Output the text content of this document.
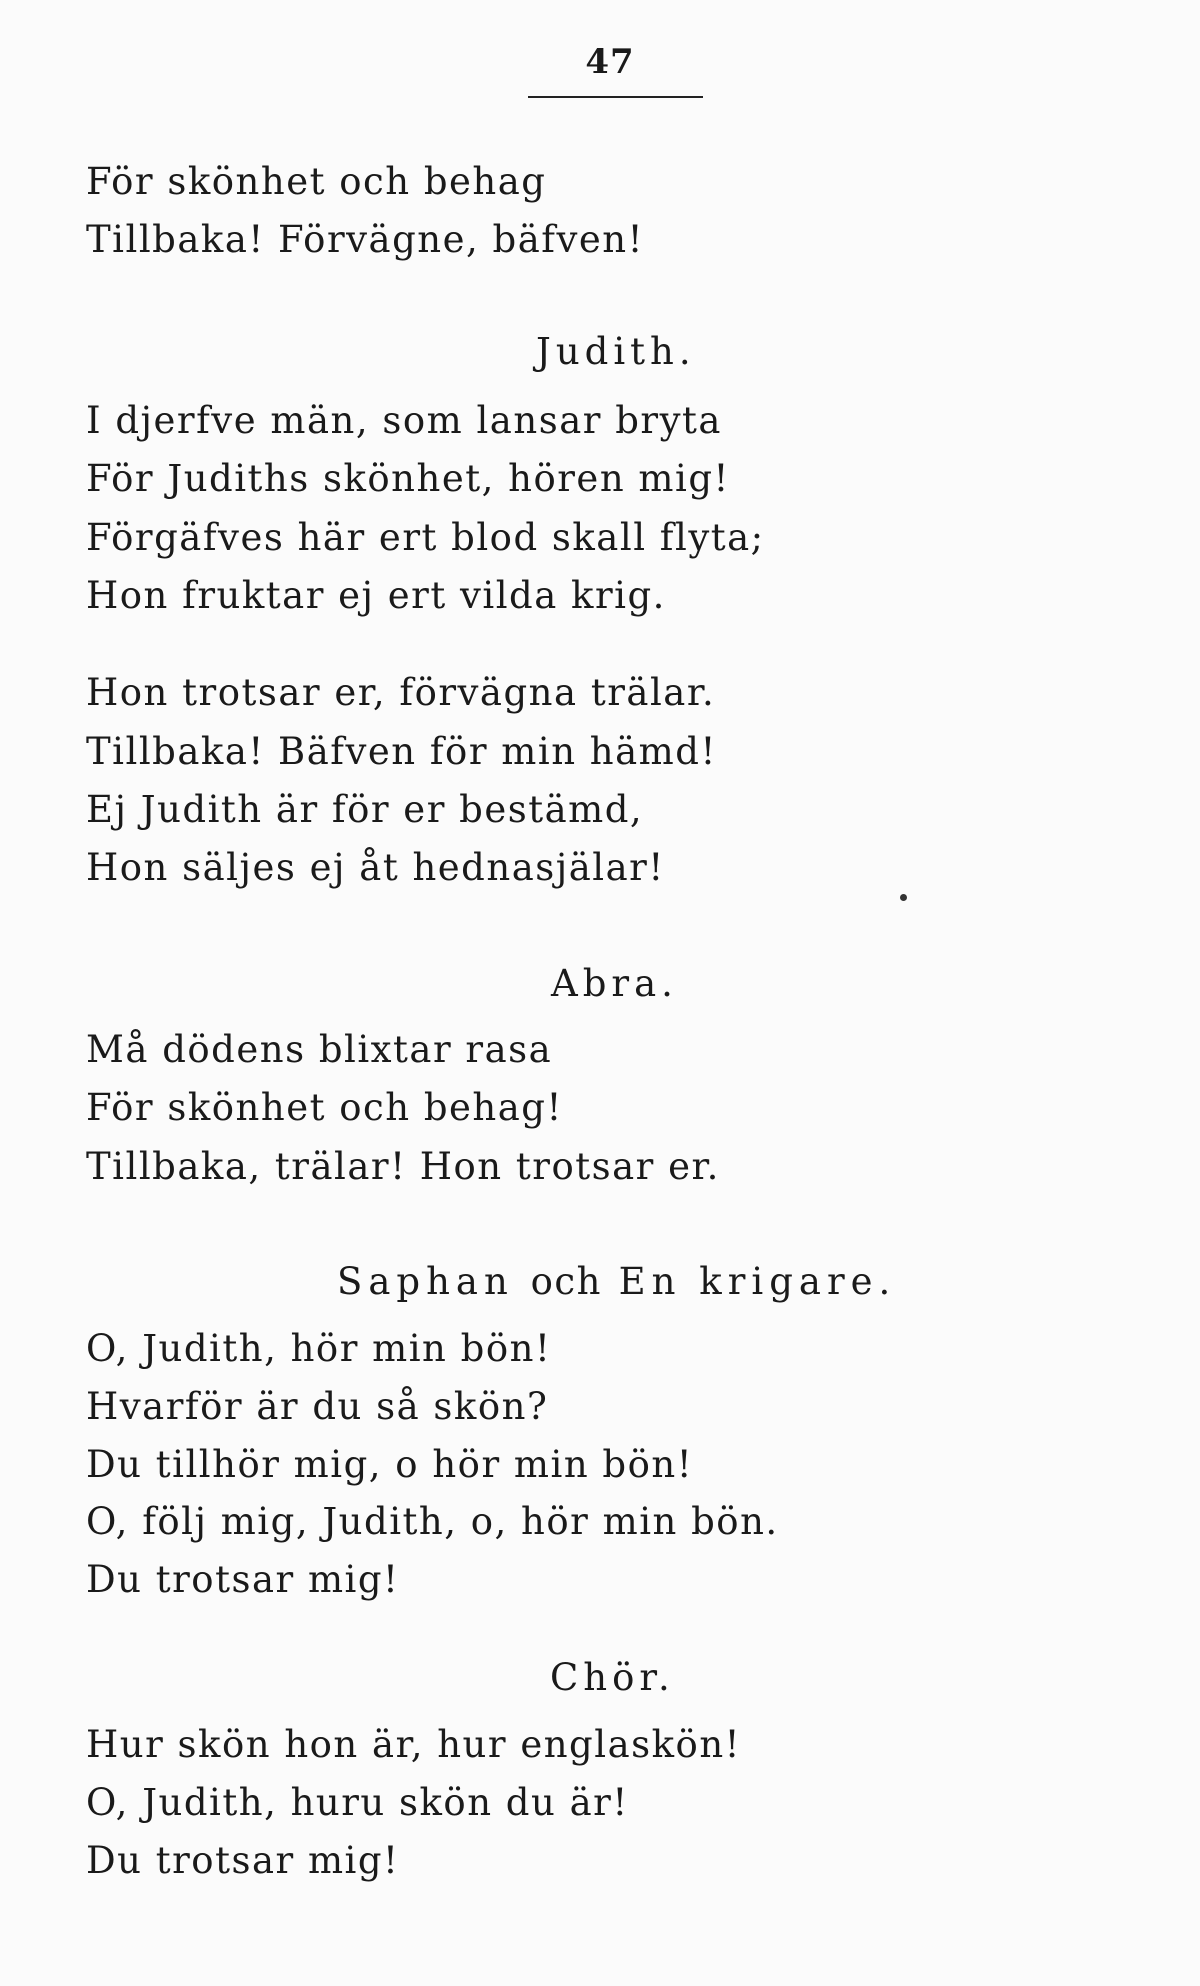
47
För skönhet och behag
Tillbaka! Förvägne, bäfven!
Judith.
I djerfve män, som lansar bryta
För Judiths skönhet, hören mig!
Förgäfves här ert blod skall flyta;
Hon fruktar ej ert vilda krig.
Hon trotsar er, förvägna trälar.
Tillbaka! Bäfven för min hämd!
Ej Judith är för er bestämd,
Hon säljes ej åt hednasjälar!
Abra.
Må dödens blixtar rasa
För skönhet och behag!
Tillbaka, trälar! Hon trotsar er.
Saphan och En krigare.
O, Judith, hör min bön!
Hvarför är du så skön?
Du tillhör mig, o hör min bön!
O, följ mig, Judith, o, hör min bön.
Du trotsar mig!
Chör.
Hur skön hon är, hur englaskön!
O, Judith, huru skön du är!
Du trotsar mig!
